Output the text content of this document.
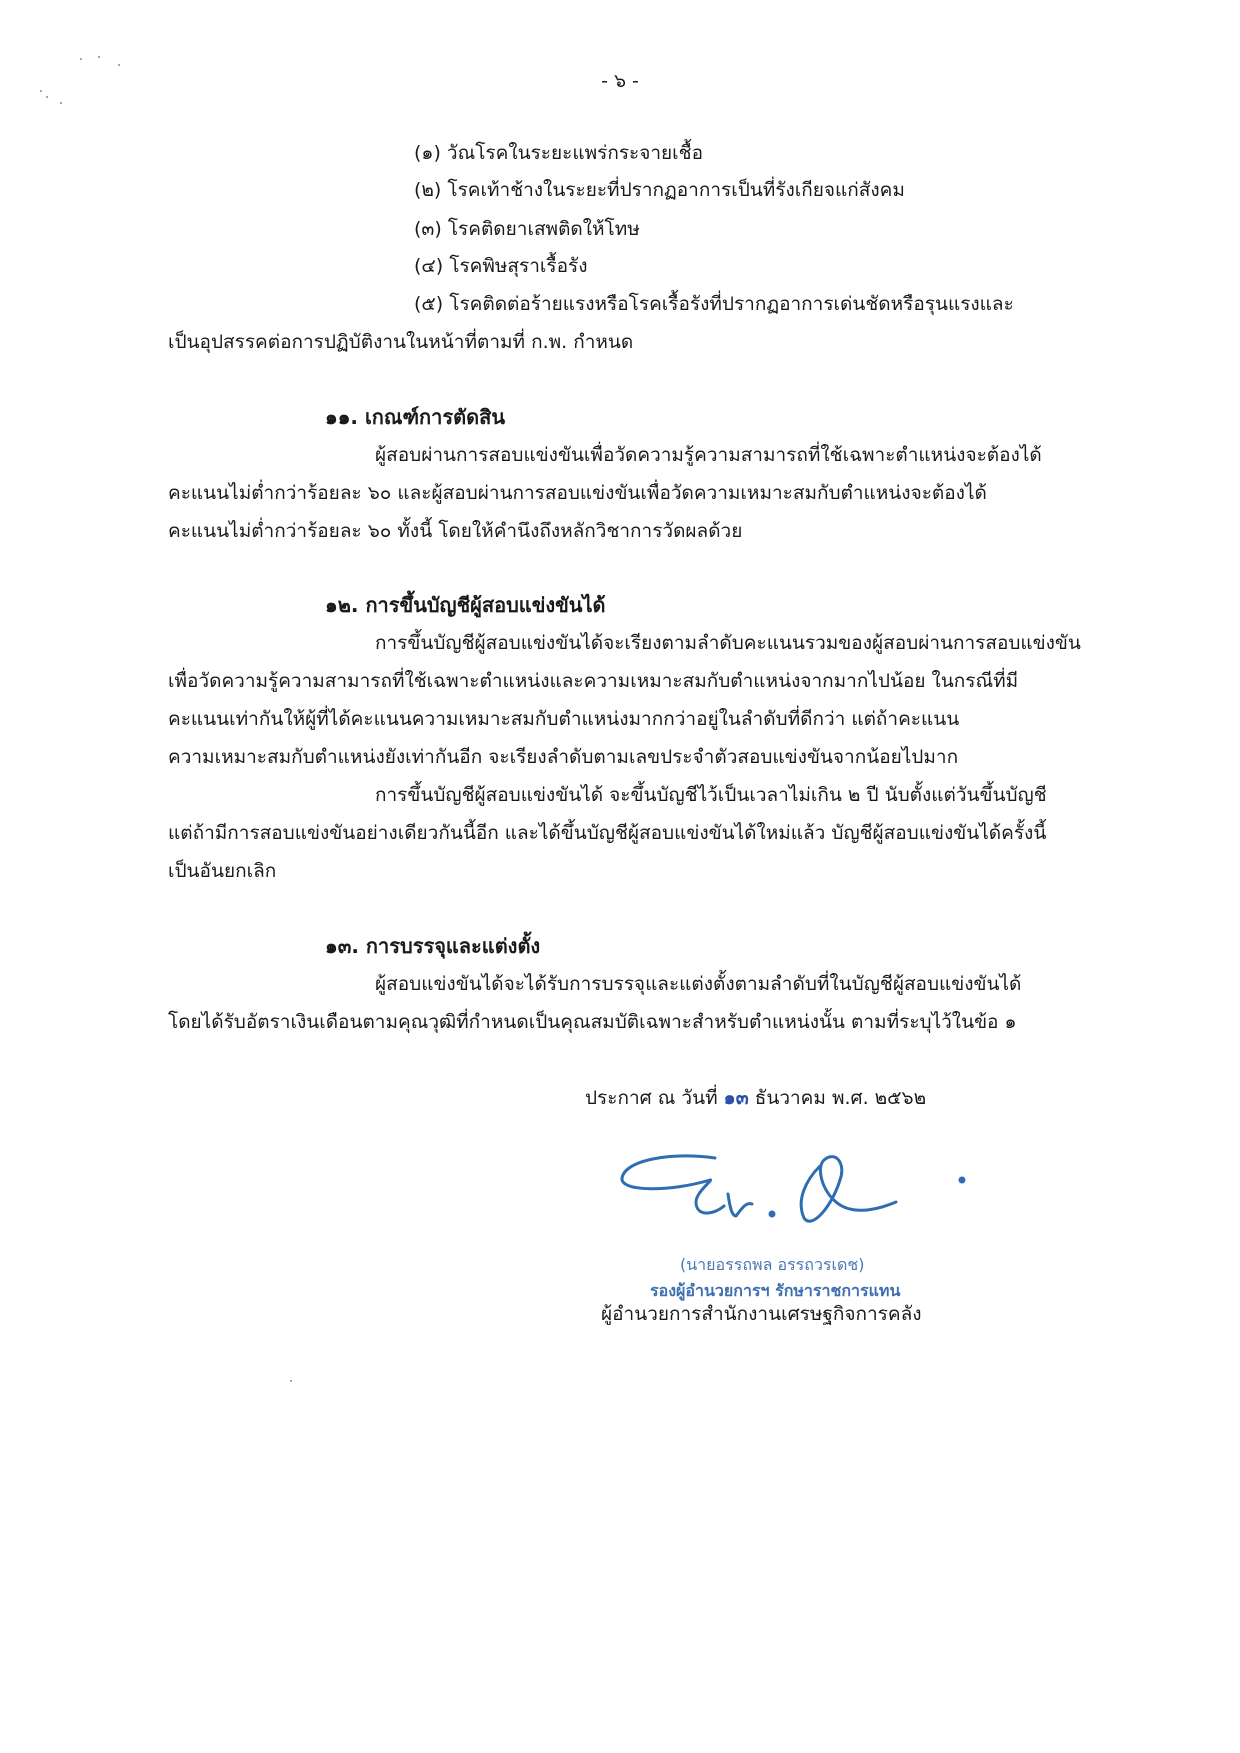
- ๖ -
(๑) วัณโรคในระยะแพร่กระจายเชื้อ
(๒) โรคเท้าช้างในระยะที่ปรากฏอาการเป็นที่รังเกียจแก่สังคม
(๓) โรคติดยาเสพติดให้โทษ
(๔) โรคพิษสุราเรื้อรัง
(๕) โรคติดต่อร้ายแรงหรือโรคเรื้อรังที่ปรากฏอาการเด่นชัดหรือรุนแรงและ
เป็นอุปสรรคต่อการปฏิบัติงานในหน้าที่ตามที่ ก.พ. กำหนด
๑๑. เกณฑ์การตัดสิน
ผู้สอบผ่านการสอบแข่งขันเพื่อวัดความรู้ความสามารถที่ใช้เฉพาะตำแหน่งจะต้องได้
คะแนนไม่ต่ำกว่าร้อยละ ๖๐ และผู้สอบผ่านการสอบแข่งขันเพื่อวัดความเหมาะสมกับตำแหน่งจะต้องได้
คะแนนไม่ต่ำกว่าร้อยละ ๖๐ ทั้งนี้ โดยให้คำนึงถึงหลักวิชาการวัดผลด้วย
๑๒. การขึ้นบัญชีผู้สอบแข่งขันได้
การขึ้นบัญชีผู้สอบแข่งขันได้จะเรียงตามลำดับคะแนนรวมของผู้สอบผ่านการสอบแข่งขัน
เพื่อวัดความรู้ความสามารถที่ใช้เฉพาะตำแหน่งและความเหมาะสมกับตำแหน่งจากมากไปน้อย ในกรณีที่มี
คะแนนเท่ากันให้ผู้ที่ได้คะแนนความเหมาะสมกับตำแหน่งมากกว่าอยู่ในลำดับที่ดีกว่า แต่ถ้าคะแนน
ความเหมาะสมกับตำแหน่งยังเท่ากันอีก จะเรียงลำดับตามเลขประจำตัวสอบแข่งขันจากน้อยไปมาก
การขึ้นบัญชีผู้สอบแข่งขันได้ จะขึ้นบัญชีไว้เป็นเวลาไม่เกิน ๒ ปี นับตั้งแต่วันขึ้นบัญชี
แต่ถ้ามีการสอบแข่งขันอย่างเดียวกันนี้อีก และได้ขึ้นบัญชีผู้สอบแข่งขันได้ใหม่แล้ว บัญชีผู้สอบแข่งขันได้ครั้งนี้
เป็นอันยกเลิก
๑๓. การบรรจุและแต่งตั้ง
ผู้สอบแข่งขันได้จะได้รับการบรรจุและแต่งตั้งตามลำดับที่ในบัญชีผู้สอบแข่งขันได้
โดยได้รับอัตราเงินเดือนตามคุณวุฒิที่กำหนดเป็นคุณสมบัติเฉพาะสำหรับตำแหน่งนั้น ตามที่ระบุไว้ในข้อ ๑
ประกาศ ณ วันที่ ๑๓ ธันวาคม พ.ศ. ๒๕๖๒
(นายอรรถพล อรรถวรเดช)
รองผู้อำนวยการฯ รักษาราชการแทน
ผู้อำนวยการสำนักงานเศรษฐกิจการคลัง
